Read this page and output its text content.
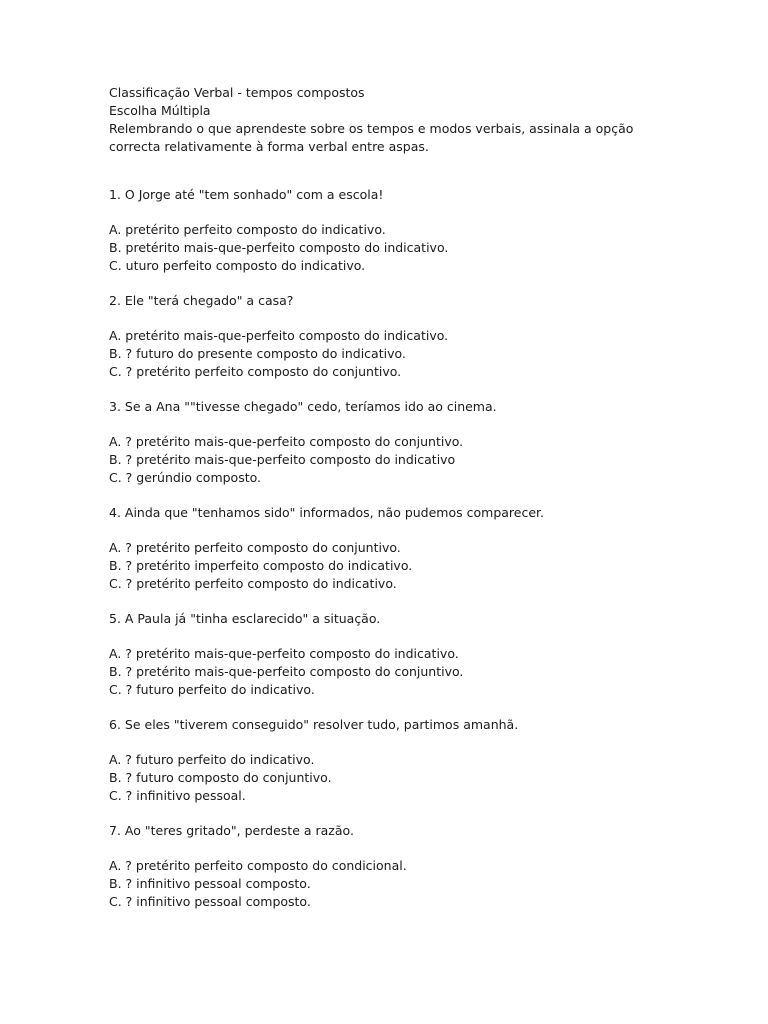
Classificação Verbal - tempos compostos

Escolha Múltipla

Relembrando o que aprendeste sobre os tempos e modos verbais, assinala a opção

correcta relativamente à forma verbal entre aspas.

1. O Jorge até "tem sonhado" com a escola!

A. pretérito perfeito composto do indicativo.

B. pretérito mais-que-perfeito composto do indicativo.

C. uturo perfeito composto do indicativo.

2. Ele "terá chegado" a casa?

A. pretérito mais-que-perfeito composto do indicativo.

B. ? futuro do presente composto do indicativo.

C. ? pretérito perfeito composto do conjuntivo.

3. Se a Ana ""tivesse chegado" cedo, teríamos ido ao cinema.

A. ? pretérito mais-que-perfeito composto do conjuntivo.

B. ? pretérito mais-que-perfeito composto do indicativo

C. ? gerúndio composto.

4. Ainda que "tenhamos sido" informados, não pudemos comparecer.

A. ? pretérito perfeito composto do conjuntivo.

B. ? pretérito imperfeito composto do indicativo.

C. ? pretérito perfeito composto do indicativo.

5. A Paula já "tinha esclarecido" a situação.

A. ? pretérito mais-que-perfeito composto do indicativo.

B. ? pretérito mais-que-perfeito composto do conjuntivo.

C. ? futuro perfeito do indicativo.

6. Se eles "tiverem conseguido" resolver tudo, partimos amanhã.

A. ? futuro perfeito do indicativo.

B. ? futuro composto do conjuntivo.

C. ? infinitivo pessoal.

7. Ao "teres gritado", perdeste a razão.

A. ? pretérito perfeito composto do condicional.

B. ? infinitivo pessoal composto.

C. ? infinitivo pessoal composto.
